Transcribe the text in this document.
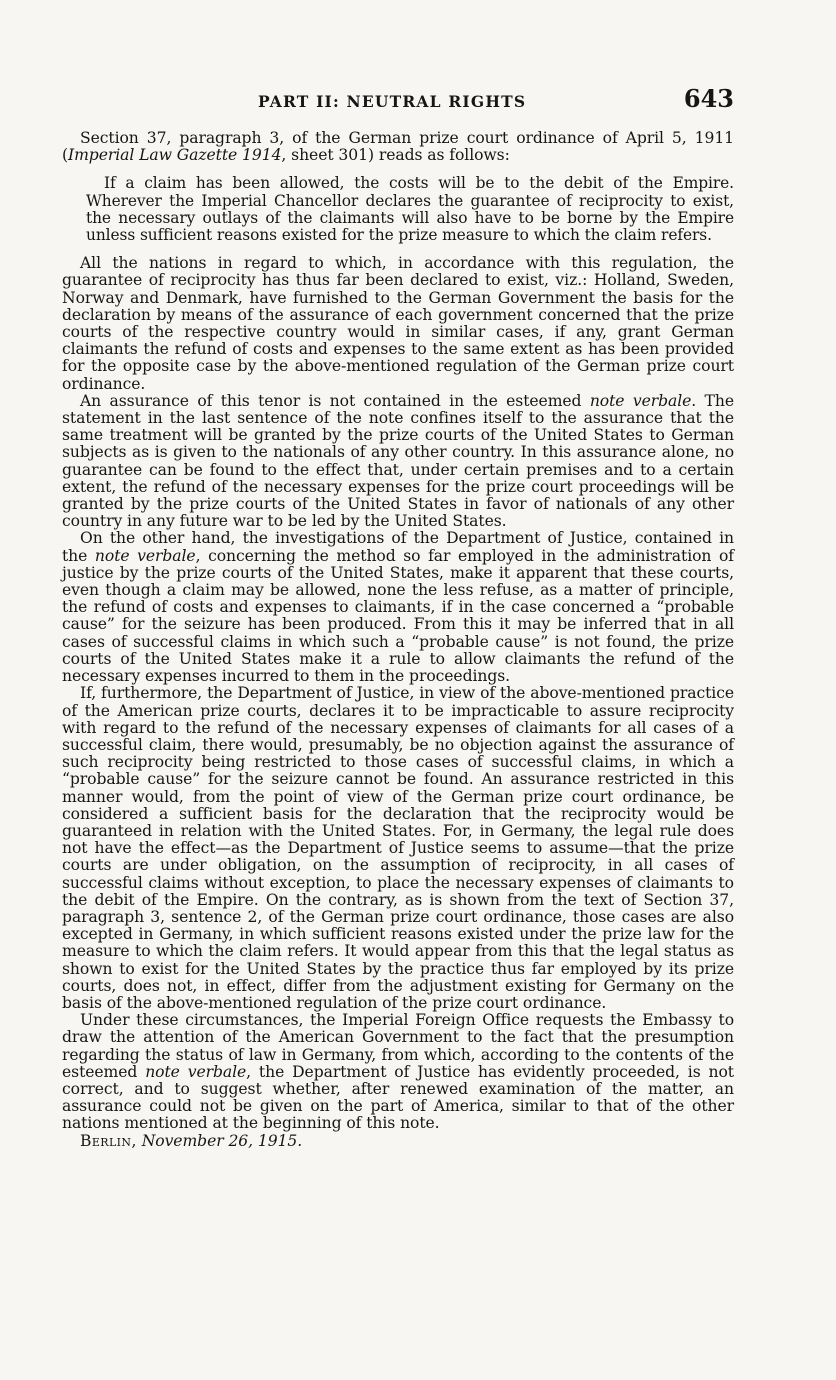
PART II: NEUTRAL RIGHTS	643

Section 37, paragraph 3, of the German prize court ordinance of April 5, 1911 (Imperial Law Gazette 1914, sheet 301) reads as follows:

If a claim has been allowed, the costs will be to the debit of the Empire. Wherever the Imperial Chancellor declares the guarantee of reciprocity to exist, the necessary outlays of the claimants will also have to be borne by the Empire unless sufficient reasons existed for the prize measure to which the claim refers.

All the nations in regard to which, in accordance with this regulation, the guarantee of reciprocity has thus far been declared to exist, viz.: Holland, Sweden, Norway and Denmark, have furnished to the German Government the basis for the declaration by means of the assurance of each government concerned that the prize courts of the respective country would in similar cases, if any, grant German claimants the refund of costs and expenses to the same extent as has been provided for the opposite case by the above-mentioned regulation of the German prize court ordinance.

An assurance of this tenor is not contained in the esteemed note verbale. The statement in the last sentence of the note confines itself to the assurance that the same treatment will be granted by the prize courts of the United States to German subjects as is given to the nationals of any other country. In this assurance alone, no guarantee can be found to the effect that, under certain premises and to a certain extent, the refund of the necessary expenses for the prize court proceedings will be granted by the prize courts of the United States in favor of nationals of any other country in any future war to be led by the United States.

On the other hand, the investigations of the Department of Justice, contained in the note verbale, concerning the method so far employed in the administration of justice by the prize courts of the United States, make it apparent that these courts, even though a claim may be allowed, none the less refuse, as a matter of principle, the refund of costs and expenses to claimants, if in the case concerned a “probable cause” for the seizure has been produced. From this it may be inferred that in all cases of successful claims in which such a “probable cause” is not found, the prize courts of the United States make it a rule to allow claimants the refund of the necessary expenses incurred to them in the proceedings.

If, furthermore, the Department of Justice, in view of the above-mentioned practice of the American prize courts, declares it to be impracticable to assure reciprocity with regard to the refund of the necessary expenses of claimants for all cases of a successful claim, there would, presumably, be no objection against the assurance of such reciprocity being restricted to those cases of successful claims, in which a “probable cause” for the seizure cannot be found. An assurance restricted in this manner would, from the point of view of the German prize court ordinance, be considered a sufficient basis for the declaration that the reciprocity would be guaranteed in relation with the United States. For, in Germany, the legal rule does not have the effect—as the Department of Justice seems to assume—that the prize courts are under obligation, on the assumption of reciprocity, in all cases of successful claims without exception, to place the necessary expenses of claimants to the debit of the Empire. On the contrary, as is shown from the text of Section 37, paragraph 3, sentence 2, of the German prize court ordinance, those cases are also excepted in Germany, in which sufficient reasons existed under the prize law for the measure to which the claim refers. It would appear from this that the legal status as shown to exist for the United States by the practice thus far employed by its prize courts, does not, in effect, differ from the adjustment existing for Germany on the basis of the above-mentioned regulation of the prize court ordinance.

Under these circumstances, the Imperial Foreign Office requests the Embassy to draw the attention of the American Government to the fact that the presumption regarding the status of law in Germany, from which, according to the contents of the esteemed note verbale, the Department of Justice has evidently proceeded, is not correct, and to suggest whether, after renewed examination of the matter, an assurance could not be given on the part of America, similar to that of the other nations mentioned at the beginning of this note.

Berlin, November 26, 1915.
